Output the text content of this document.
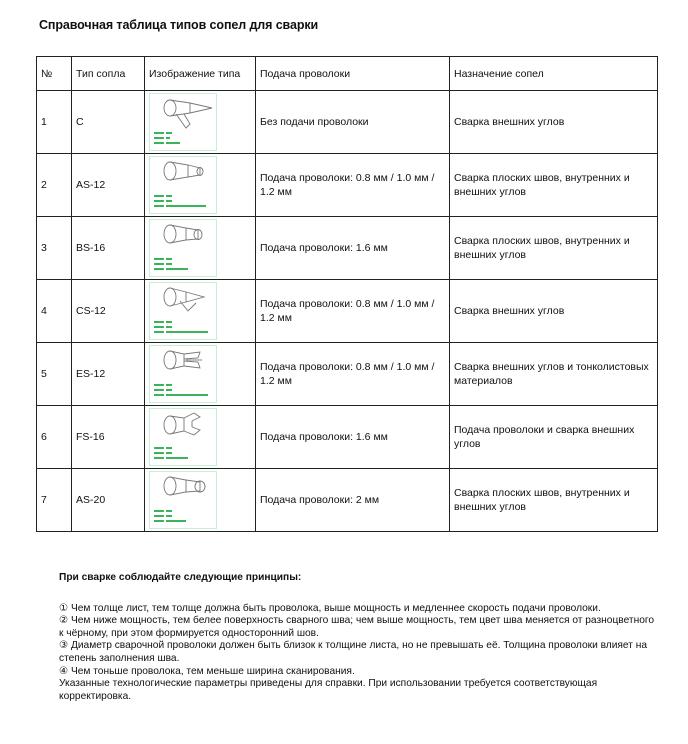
Справочная таблица типов сопел для сварки
№	Тип сопла	Изображение типа	Подача проволоки	Назначение сопел
1	C		Без подачи проволоки	Сварка внешних углов
2	AS-12		Подача проволоки: 0.8 мм / 1.0 мм / 1.2 мм	Сварка плоских швов, внутренних и внешних углов
3	BS-16		Подача проволоки: 1.6 мм	Сварка плоских швов, внутренних и внешних углов
4	CS-12		Подача проволоки: 0.8 мм / 1.0 мм / 1.2 мм	Сварка внешних углов
5	ES-12		Подача проволоки: 0.8 мм / 1.0 мм / 1.2 мм	Сварка внешних углов и тонколистовых материалов
6	FS-16		Подача проволоки: 1.6 мм	Подача проволоки и сварка внешних углов
7	AS-20		Подача проволоки: 2 мм	Сварка плоских швов, внутренних и внешних углов

При сварке соблюдайте следующие принципы:

① Чем толще лист, тем толще должна быть проволока, выше мощность и медленнее скорость подачи проволоки.

② Чем ниже мощность, тем белее поверхность сварного шва; чем выше мощность, тем цвет шва меняется от разноцветного к чёрному, при этом формируется односторонний шов.

③ Диаметр сварочной проволоки должен быть близок к толщине листа, но не превышать её. Толщина проволоки влияет на степень заполнения шва.

④ Чем тоньше проволока, тем меньше ширина сканирования.

Указанные технологические параметры приведены для справки. При использовании требуется соответствующая корректировка.
